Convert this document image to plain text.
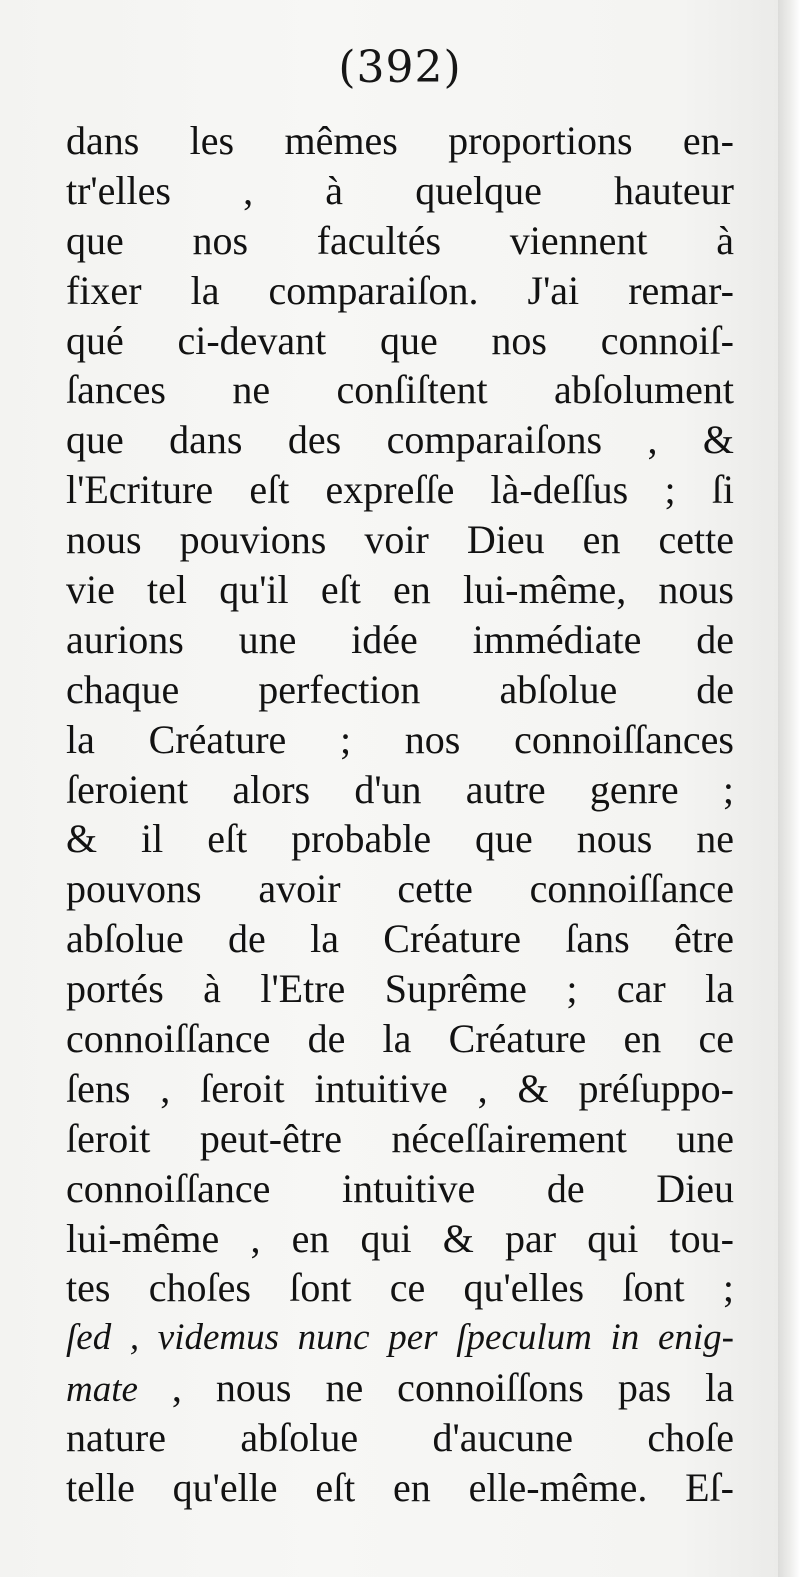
(392)
dans les mêmes proportions en-
tr'elles , à quelque hauteur
que nos facultés viennent à
fixer la comparaiſon. J'ai remar-
qué ci-devant que nos connoiſ-
ſances ne conſiſtent abſolument
que dans des comparaiſons , &
l'Ecriture eſt expreſſe là-deſſus ; ſi
nous pouvions voir Dieu en cette
vie tel qu'il eſt en lui-même, nous
aurions une idée immédiate de
chaque perfection abſolue de
la Créature ; nos connoiſſances
ſeroient alors d'un autre genre ;
& il eſt probable que nous ne
pouvons avoir cette connoiſſance
abſolue de la Créature ſans être
portés à l'Etre Suprême ; car la
connoiſſance de la Créature en ce
ſens , ſeroit intuitive , & préſuppo-
ſeroit peut-être néceſſairement une
connoiſſance intuitive de Dieu
lui-même , en qui & par qui tou-
tes choſes ſont ce qu'elles ſont ;
ſed , videmus nunc per ſpeculum in enig-
mate , nous ne connoiſſons pas la
nature abſolue d'aucune choſe
telle qu'elle eſt en elle-même. Eſ-
